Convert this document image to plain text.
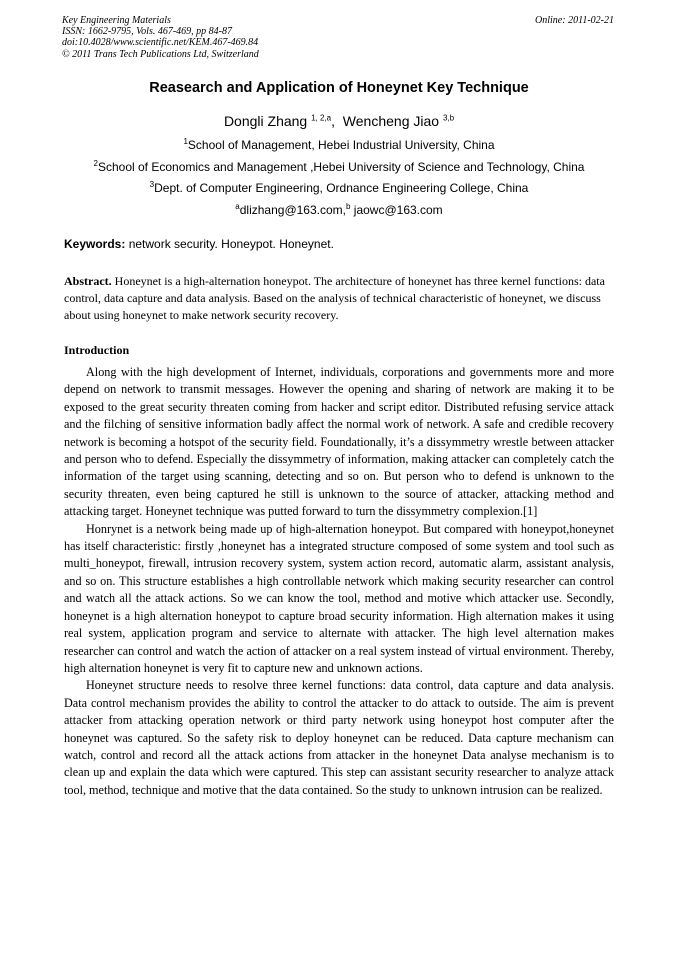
Key Engineering Materials
ISSN: 1662-9795, Vols. 467-469, pp 84-87
doi:10.4028/www.scientific.net/KEM.467-469.84
© 2011 Trans Tech Publications Ltd, Switzerland
Online: 2011-02-21
Reasearch and Application of Honeynet Key Technique
Dongli Zhang $^{1, 2,a}$, Wencheng Jiao $^{3,b}$
$^1$School of Management, Hebei Industrial University, China
$^2$School of Economics and Management ,Hebei University of Science and Technology, China
$^3$Dept. of Computer Engineering, Ordnance Engineering College, China
$^a$dlizhang@163.com,$^b$ jaowc@163.com
Keywords: network security. Honeypot. Honeynet.
Abstract. Honeynet is a high-alternation honeypot. The architecture of honeynet has three kernel functions: data control, data capture and data analysis. Based on the analysis of technical characteristic of honeynet, we discuss about using honeynet to make network security recovery.
Introduction

Along with the high development of Internet, individuals, corporations and governments more and more depend on network to transmit messages. However the opening and sharing of network are making it to be exposed to the great security threaten coming from hacker and script editor. Distributed refusing service attack and the filching of sensitive information badly affect the normal work of network. A safe and credible recovery network is becoming a hotspot of the security field. Foundationally, it’s a dissymmetry wrestle between attacker and person who to defend. Especially the dissymmetry of information, making attacker can completely catch the information of the target using scanning, detecting and so on. But person who to defend is unknown to the security threaten, even being captured he still is unknown to the source of attacker, attacking method and attacking target. Honeynet technique was putted forward to turn the dissymmetry complexion.[1]

Honrynet is a network being made up of high-alternation honeypot. But compared with honeypot,honeynet has itself characteristic: firstly ,honeynet has a integrated structure composed of some system and tool such as multi_honeypot, firewall, intrusion recovery system, system action record, automatic alarm, assistant analysis, and so on. This structure establishes a high controllable network which making security researcher can control and watch all the attack actions. So we can know the tool, method and motive which attacker use. Secondly, honeynet is a high alternation honeypot to capture broad security information. High alternation makes it using real system, application program and service to alternate with attacker. The high level alternation makes researcher can control and watch the action of attacker on a real system instead of virtual environment. Thereby, high alternation honeynet is very fit to capture new and unknown actions.

Honeynet structure needs to resolve three kernel functions: data control, data capture and data analysis. Data control mechanism provides the ability to control the attacker to do attack to outside. The aim is prevent attacker from attacking operation network or third party network using honeypot host computer after the honeynet was captured. So the safety risk to deploy honeynet can be reduced. Data capture mechanism can watch, control and record all the attack actions from attacker in the honeynet Data analyse mechanism is to clean up and explain the data which were captured. This step can assistant security researcher to analyze attack tool, method, technique and motive that the data contained. So the study to unknown intrusion can be realized.
